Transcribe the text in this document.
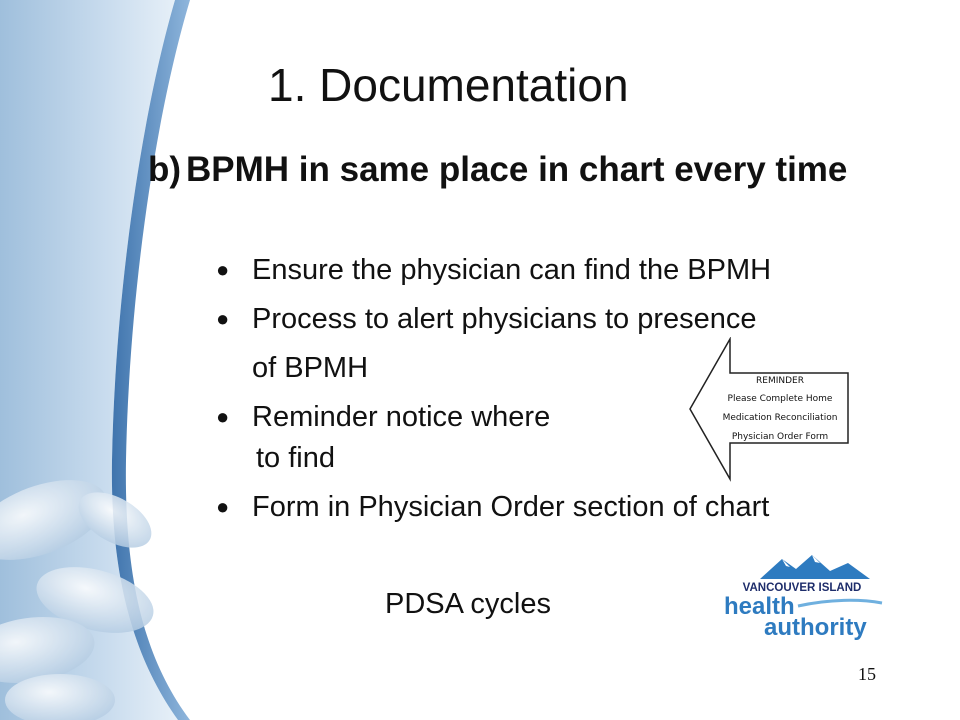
1. Documentation
b) BPMH in same place in chart every time
● Ensure the physician can find the BPMH
● Process to alert physicians to presence
of BPMH
● Reminder notice where
to find
● Form in Physician Order section of chart
REMINDER
Please Complete Home
Medication Reconciliation
Physician Order Form
PDSA cycles	VANCOUVER ISLAND
health
authority
15
